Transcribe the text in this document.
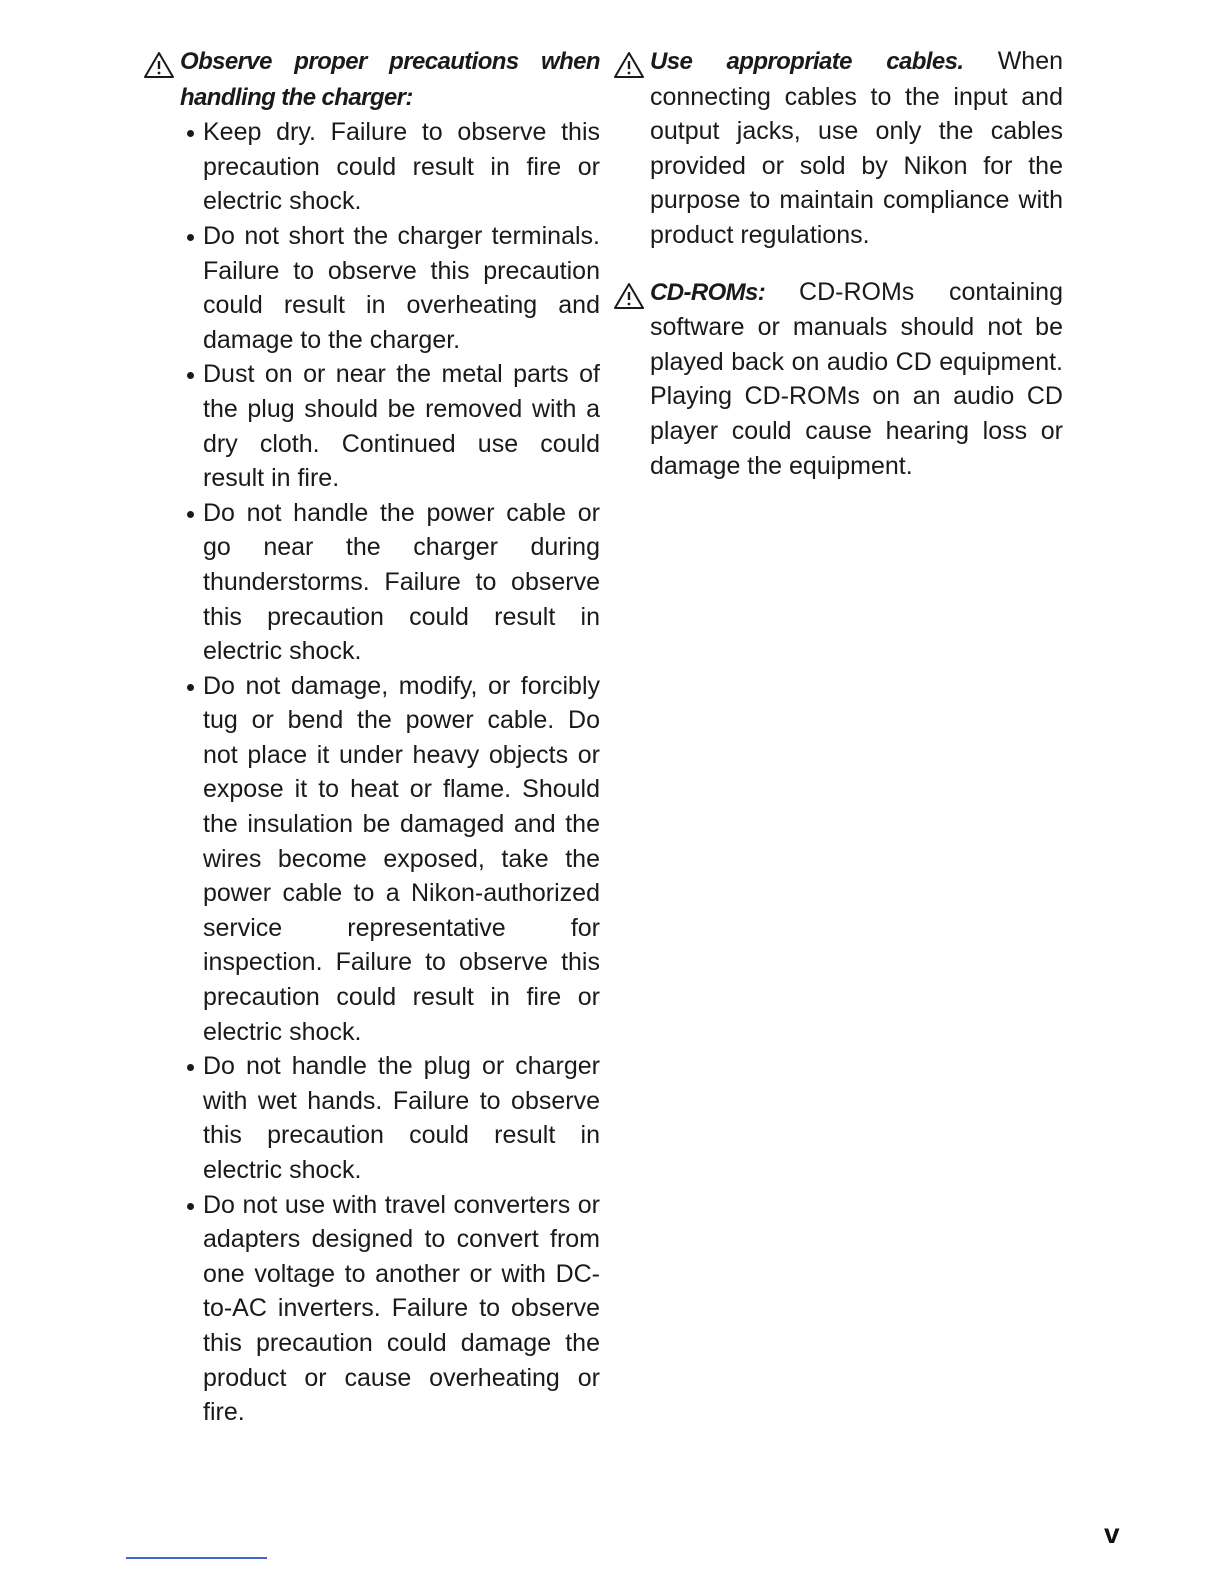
Observe proper precautions when handling the charger:
Keep dry. Failure to observe this precaution could result in fire or electric shock.
Do not short the charger terminals. Failure to observe this precaution could result in overheating and damage to the charger.
Dust on or near the metal parts of the plug should be removed with a dry cloth. Continued use could result in fire.
Do not handle the power cable or go near the charger during thunderstorms. Failure to observe this precaution could result in electric shock.
Do not damage, modify, or forcibly tug or bend the power cable. Do not place it under heavy objects or expose it to heat or flame. Should the insulation be damaged and the wires become exposed, take the power cable to a Nikon-authorized service representative for inspection. Failure to observe this precaution could result in fire or electric shock.
Do not handle the plug or charger with wet hands. Failure to observe this precaution could result in electric shock.
Do not use with travel converters or adapters designed to convert from one voltage to another or with DC-to-AC inverters. Failure to observe this precaution could damage the product or cause overheating or fire.
Use appropriate cables. When connecting cables to the input and output jacks, use only the cables provided or sold by Nikon for the purpose to maintain compliance with product regulations.
CD-ROMs: CD-ROMs containing software or manuals should not be played back on audio CD equipment. Playing CD-ROMs on an audio CD player could cause hearing loss or damage the equipment.
v
